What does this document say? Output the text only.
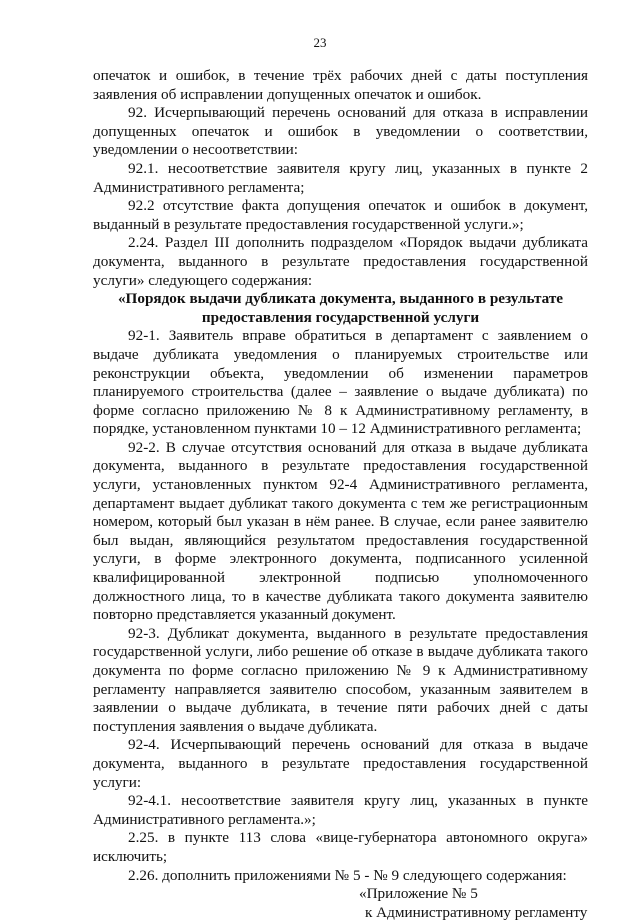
23

опечаток и ошибок, в течение трёх рабочих дней с даты поступления заявления об исправлении допущенных опечаток и ошибок.

92. Исчерпывающий перечень оснований для отказа в исправлении допущенных опечаток и ошибок в уведомлении о соответствии, уведомлении о несоответствии:

92.1. несоответствие заявителя кругу лиц, указанных в пункте 2 Административного регламента;

92.2 отсутствие факта допущения опечаток и ошибок в документ, выданный в результате предоставления государственной услуги.»;

2.24. Раздел III дополнить подразделом «Порядок выдачи дубликата документа, выданного в результате предоставления государственной услуги» следующего содержания:

«Порядок выдачи дубликата документа, выданного в результате предоставления государственной услуги

92-1. Заявитель вправе обратиться в департамент с заявлением о выдаче дубликата уведомления о планируемых строительстве или реконструкции объекта, уведомлении об изменении параметров планируемого строительства (далее – заявление о выдаче дубликата) по форме согласно приложению № 8 к Административному регламенту, в порядке, установленном пунктами 10 – 12 Административного регламента;

92-2. В случае отсутствия оснований для отказа в выдаче дубликата документа, выданного в результате предоставления государственной услуги, установленных пунктом 92-4 Административного регламента, департамент выдает дубликат такого документа с тем же регистрационным номером, который был указан в нём ранее. В случае, если ранее заявителю был выдан, являющийся результатом предоставления государственной услуги, в форме электронного документа, подписанного усиленной квалифицированной электронной подписью уполномоченного должностного лица, то в качестве дубликата такого документа заявителю повторно представляется указанный документ.

92-3. Дубликат документа, выданного в результате предоставления государственной услуги, либо решение об отказе в выдаче дубликата такого документа по форме согласно приложению № 9 к Административному регламенту направляется заявителю способом, указанным заявителем в заявлении о выдаче дубликата, в течение пяти рабочих дней с даты поступления заявления о выдаче дубликата.

92-4. Исчерпывающий перечень оснований для отказа в выдаче документа, выданного в результате предоставления государственной услуги:

92-4.1. несоответствие заявителя кругу лиц, указанных в пункте Административного регламента.»;

2.25. в пункте 113 слова «вице-губернатора автономного округа» исключить;

2.26. дополнить приложениями № 5 - № 9 следующего содержания:

«Приложение № 5

к Административному регламенту
